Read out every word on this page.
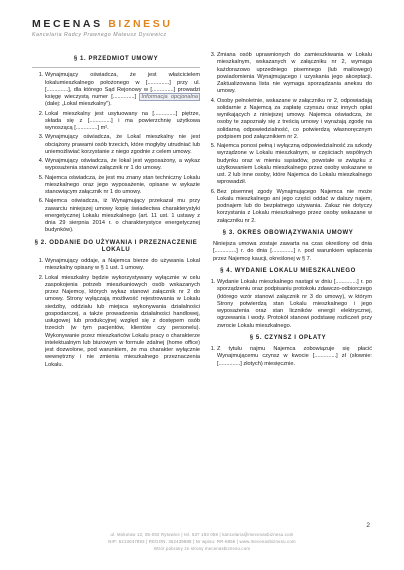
MECENAS BIZNESU
Kancelaria Radcy Prawnego Mateusz Dysiewicz
§ 1. PRZEDMIOT UMOWY
1. Wynajmujący oświadcza, że jest właścicielem lokalumieszkalnego położonego w [..............] przy ul. [..............], dla którego Sąd Rejonowy w [..............] prowadzi księgę wieczystą numer [..............] Informacja opcjonalna (dalej: „Lokal mieszkalny").
2. Lokal mieszkalny jest usytuowany na [..............] piętrze, składa się z [..............] i ma powierzchnię użytkowa wynoszącą [..............] m².
3. Wynajmujący oświadcza, że Lokal mieszkalny nie jest obciążony prawami osób trzecich, które mogłyby utrudniać lub uniemożliwiać korzystanie z niego zgodnie z celem umowy.
4. Wynajmujący oświadcza, że lokal jest wyposażony, a wykaz wyposażenia stanowi załącznik nr 1 do umowy.
5. Najemca oświadcza, że jest mu znany stan techniczny Lokalu mieszkalnego oraz jego wyposażenie, opisane w wykazie stanowiącym załącznik nr 1 do umowy.
6. Najemca oświadcza, iż Wynajmujący przekazał mu przy zawarciu niniejszej umowy kopię świadectwa charakterystyki energetycznej Lokalu mieszkalnego (art. 11 ust. 1 ustawy z dnia 29 sierpnia 2014 r. o charakterystyce energetycznej budynków).
§ 2. ODDANIE DO UŻYWANIA I PRZEZNACZENIE LOKALU
1. Wynajmujący oddaje, a Najemca bierze do używania Lokal mieszkalny opisany w § 1 ust. 1 umowy.
2. Lokal mieszkalny będzie wykorzystywany wyłącznie w celu zaspokojenia potrzeb mieszkaniowych osób wskazanych przez Najemcę, których wykaz stanowi załącznik nr 2 do umowy. Strony wyłączają możliwość rejestrowania w Lokalu siedziby, oddziału lub miejsca wykonywania działalności gospodarczej, a także prowadzenia działalności handlowej, usługowej lub produkcyjnej względ się z dostępem osób trzecich (w tym pacjentów, klientów czy personelu). Wykonywanie przez mieszkańców Lokalu pracy o charakterze intelektualnym lub biurowym w formule zdalnej (home office) jest dozwolone, pod warunkiem, że ma charakter wyłącznie wewnętrzny i nie zmienia mieszkalnego przeznaczenia Lokalu.
3. Zmiana osób uprawnionych do zamieszkiwania w Lokalu mieszkalnym, wskazanych w załączniku nr 2, wymaga każdorazowo uprzedniego pisemnego (lub mailowego) powiadomienia Wynajmującego i uzyskania jego akceptacji. Zaktualizowana lista nie wymaga sporządzania aneksu do umowy.
4. Osoby pełnoletnie, wskazane w załączniku nr 2, odpowiadają solidarnie z Najemcą za zapłatę czynszu oraz innych opłat wynikających z niniejszej umowy. Najemca oświadcza, że osoby te zapoznały się z treścią umowy i wyrażają zgodę na solidarną odpowiedzialność, co potwierdzą własnoręcznym podpisem pod załącznikiem nr 2.
5. Najemca ponosi pełną i wyłączną odpowiedzialność za szkody wyrządzone w Lokalu mieszkalnym, w częściach wspólnych budynku oraz w mieniu sąsiadów, powstałe w związku z użytkowaniem Lokalu mieszkalnego przez osoby wskazane w ust. 2 lub inne osoby, które Najemca do Lokalu mieszkalnego wprowadził.
6. Bez pisemnej zgody Wynajmującego Najemca nie może Lokalu mieszkalnego ani jego części oddać w dalszy najem, podnajem lub do bezpłatnego używania. Zakaz nie dotyczy korzystania z Lokalu mieszkalnego przez osoby wskazane w załączniku nr 2.
§ 3. OKRES OBOWIĄZYWANIA UMOWY

Niniejsza umowa zostaje zawarta na czas określony od dnia [..............] r. do dnia [..............] r. pod warunkiem wpłacenia przez Najemcę kaucji, określonej w § 7.

§ 4. WYDANIE LOKALU MIESZKALNEGO
1. Wydanie Lokalu mieszkalnego nastąpi w dniu [..............] r. po sporządzeniu oraz podpisaniu protokołu zdawczo-odbiorczego (którego wzór stanowi załącznik nr 3 do umowy), w którym Strony potwierdzą stan Lokalu mieszkalnego i jego wyposażenia oraz stan liczników energii elektrycznej, ogrzewania i wody. Protokół stanowi podstawę rozliczeń przy zwrocie Lokalu mieszkalnego.
§ 5. CZYNSZ I OPŁATY
1. Z tytułu najmu Najemca zobowiązuje się płacić Wynajmującemu czynsz w kwocie [..............] zł (słownie: [..............] złotych) miesięcznie.
2
ul. Mokotow 12, 05-092 Rytowice | tel. 537 193 058 | kancelaria@mecenasbiznesu.com
NIP: 5213047893 | REGON: 362439888 | Nr wpisu: RR-6856 | www.mecenasbiznesu.com
Wzór pobrany ze strony mecenasbiznesu.com
